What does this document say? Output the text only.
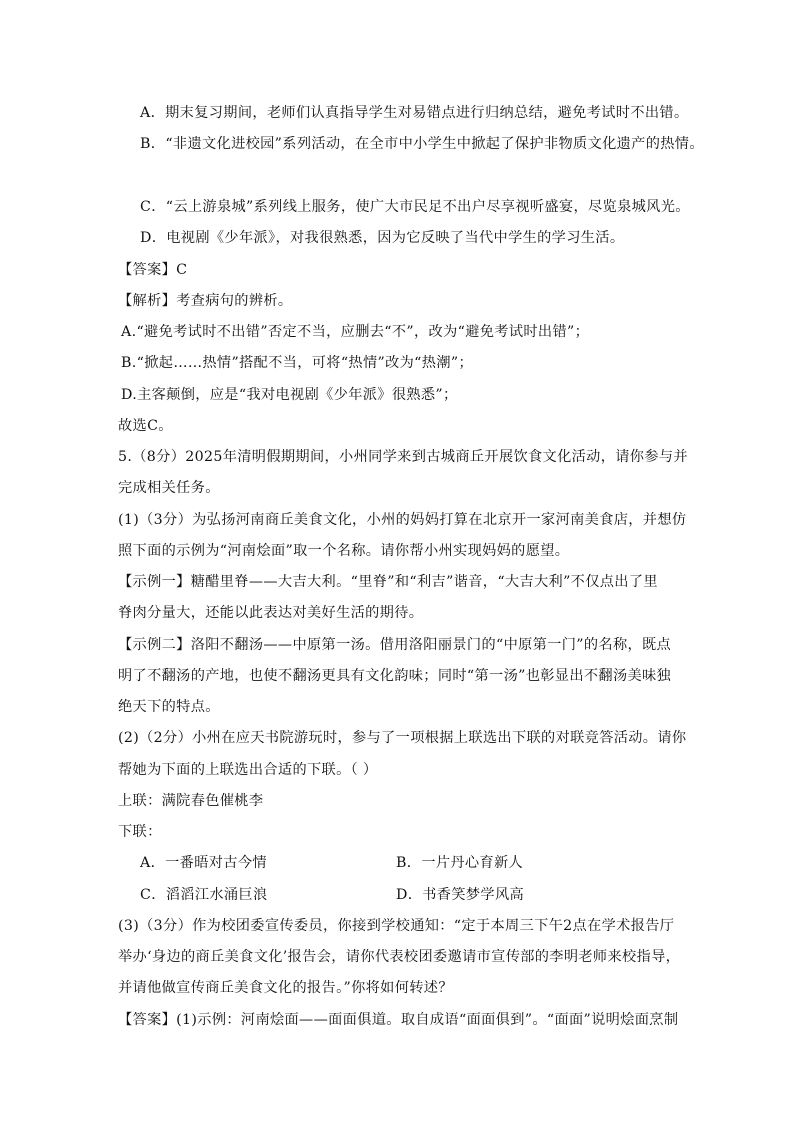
A．期末复习期间，老师们认真指导学生对易错点进行归纳总结，避免考试时不出错。
B．“非遗文化进校园”系列活动，在全市中小学生中掀起了保护非物质文化遗产的热情。
C．“云上游泉城”系列线上服务，使广大市民足不出户尽享视听盛宴，尽览泉城风光。
D．电视剧《少年派》，对我很熟悉，因为它反映了当代中学生的学习生活。
【答案】C
【解析】考查病句的辨析。
A.“避免考试时不出错”否定不当，应删去“不”，改为“避免考试时出错”；
B.“掀起……热情”搭配不当，可将“热情”改为“热潮”；
D.主客颠倒，应是“我对电视剧《少年派》很熟悉”；
故选C。
5.（8分）2025年清明假期期间，小州同学来到古城商丘开展饮食文化活动，请你参与并
完成相关任务。
(1)（3分）为弘扬河南商丘美食文化，小州的妈妈打算在北京开一家河南美食店，并想仿
照下面的示例为“河南烩面”取一个名称。请你帮小州实现妈妈的愿望。
【示例一】糖醋里脊——大吉大利。“里脊”和“利吉”谐音，“大吉大利”不仅点出了里
脊肉分量大，还能以此表达对美好生活的期待。
【示例二】洛阳不翻汤——中原第一汤。借用洛阳丽景门的“中原第一门”的名称，既点
明了不翻汤的产地，也使不翻汤更具有文化韵味；同时“第一汤”也彰显出不翻汤美味独
绝天下的特点。
(2)（2分）小州在应天书院游玩时，参与了一项根据上联选出下联的对联竞答活动。请你
帮她为下面的上联选出合适的下联。（ ）
上联：满院春色催桃李
下联：
A．一番晤对古今情	B．一片丹心育新人
C．滔滔江水涌巨浪	D．书香笑梦学风高
(3)（3分）作为校团委宣传委员，你接到学校通知：“定于本周三下午2点在学术报告厅
举办‘身边的商丘美食文化’报告会，请你代表校团委邀请市宣传部的李明老师来校指导，
并请他做宣传商丘美食文化的报告。”你将如何转述？
【答案】(1)示例：河南烩面——面面俱道。取自成语“面面俱到”。“面面”说明烩面烹制
